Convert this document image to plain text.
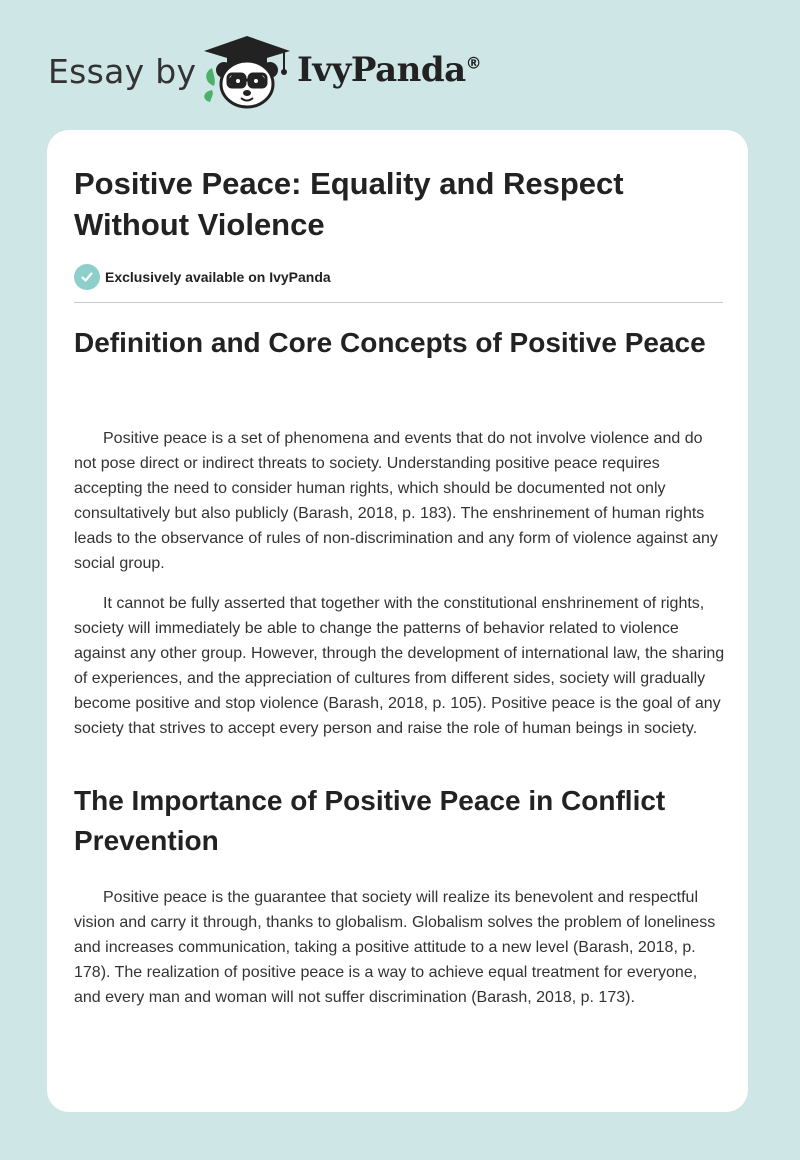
Essay by	IvyPanda®
Positive Peace: Equality and Respect Without Violence
Exclusively available on IvyPanda
Definition and Core Concepts of Positive Peace

Positive peace is a set of phenomena and events that do not involve violence and do not pose direct or indirect threats to society. Understanding positive peace requires accepting the need to consider human rights, which should be documented not only consultatively but also publicly (Barash, 2018, p. 183). The enshrinement of human rights leads to the observance of rules of non-discrimination and any form of violence against any social group.

It cannot be fully asserted that together with the constitutional enshrinement of rights, society will immediately be able to change the patterns of behavior related to violence against any other group. However, through the development of international law, the sharing of experiences, and the appreciation of cultures from different sides, society will gradually become positive and stop violence (Barash, 2018, p. 105). Positive peace is the goal of any society that strives to accept every person and raise the role of human beings in society.

The Importance of Positive Peace in Conflict Prevention

Positive peace is the guarantee that society will realize its benevolent and respectful vision and carry it through, thanks to globalism. Globalism solves the problem of loneliness and increases communication, taking a positive attitude to a new level (Barash, 2018, p. 178). The realization of positive peace is a way to achieve equal treatment for everyone, and every man and woman will not suffer discrimination (Barash, 2018, p. 173).
